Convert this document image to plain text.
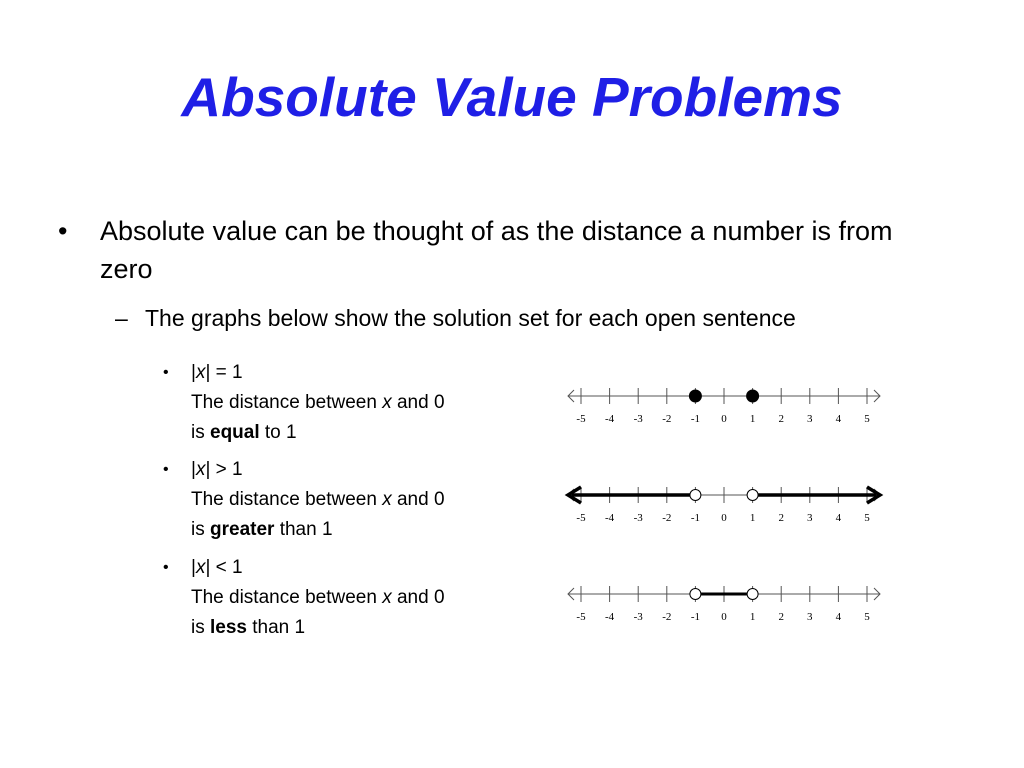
Absolute Value Problems
• Absolute value can be thought of as the distance a number is from zero
– The graphs below show the solution set for each open sentence
• |x| = 1
The distance between x and 0
is equal to 1
• |x| > 1
The distance between x and 0
is greater than 1
• |x| < 1
The distance between x and 0
is less than 1
-5 -4 -3 -2 -1 0 1 2 3 4 5
-5 -4 -3 -2 -1 0 1 2 3 4 5
-5 -4 -3 -2 -1 0 1 2 3 4 5
